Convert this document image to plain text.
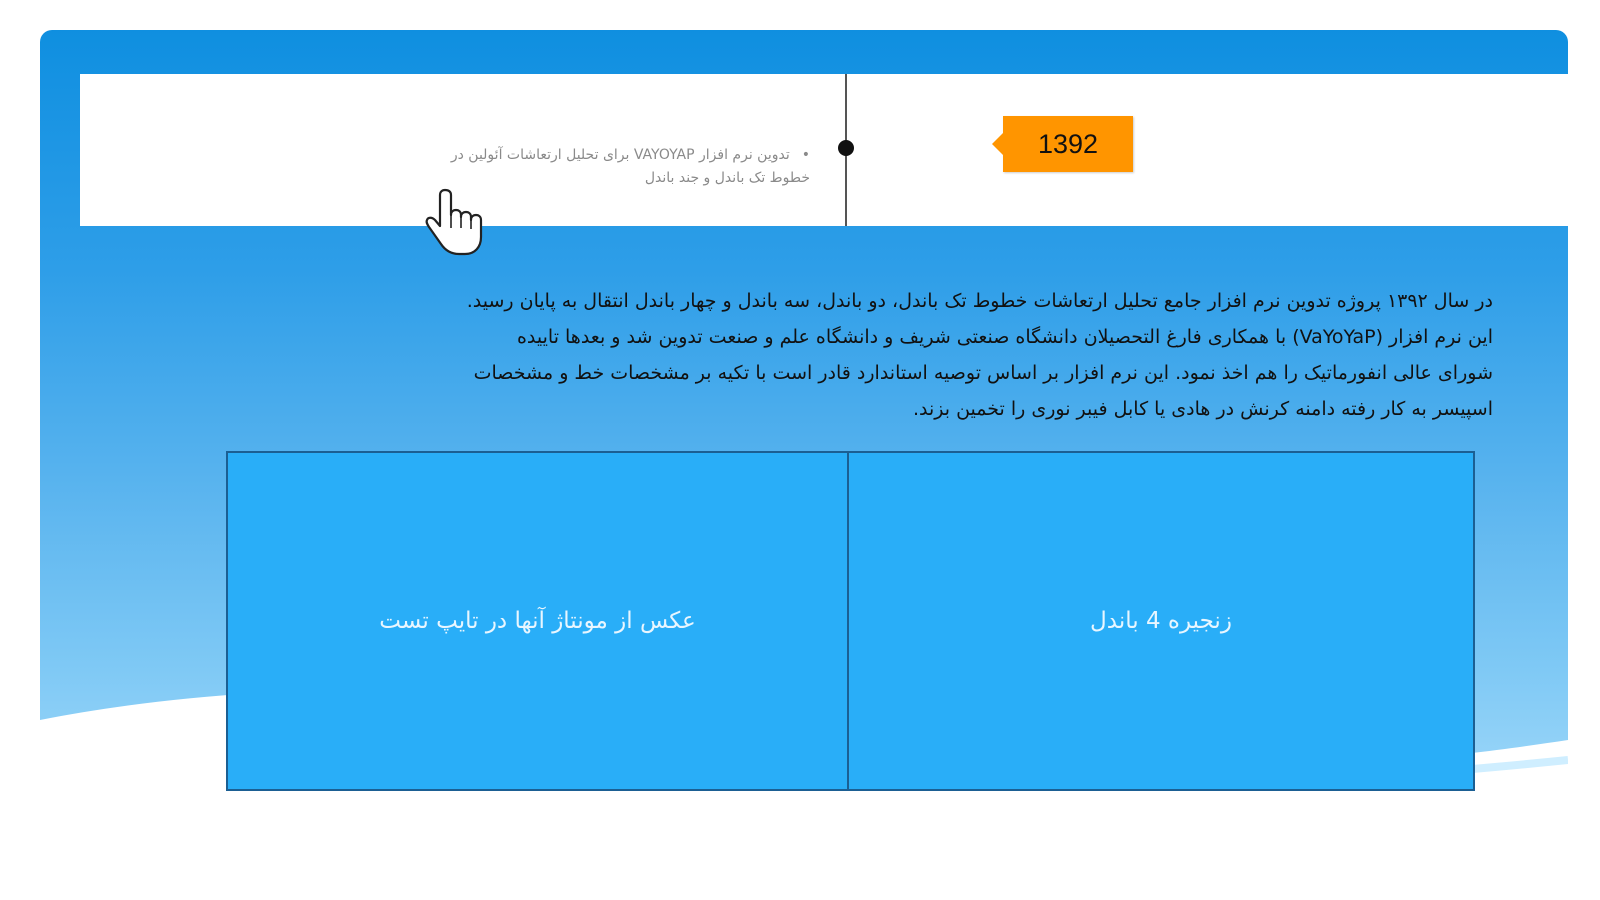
1392
•تدوین نرم افزار VAYOYAP برای تحلیل ارتعاشات آئولین در
خطوط تک باندل و جند باندل

در سال ۱۳۹۲ پروژه تدوین نرم افزار جامع تحلیل ارتعاشات خطوط تک باندل، دو باندل، سه باندل و چهار باندل انتقال به پایان رسید.

این نرم افزار (VaYoYaP) با همکاری فارغ التحصیلان دانشگاه صنعتی شریف و دانشگاه علم و صنعت تدوین شد و بعدها تاییده

شورای عالی انفورماتیک را هم اخذ نمود. این نرم افزار بر اساس توصیه استاندارد قادر است با تکیه بر مشخصات خط و مشخصات

اسپیسر به کار رفته دامنه کرنش در هادی یا کابل فیبر نوری را تخمین بزند.

زنجیره 4 باندل
عکس از مونتاژ آنها در تایپ تست
